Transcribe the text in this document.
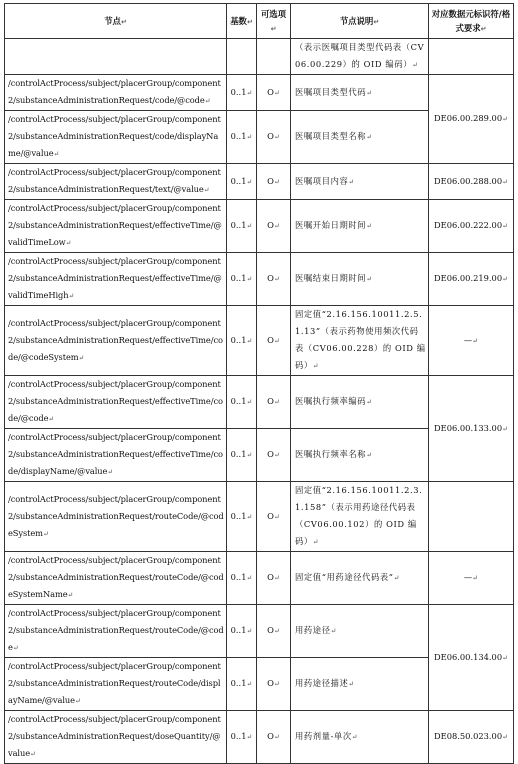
节点↵	基数↵	可选项↵	节点说明↵	对应数据元标识符/格式要求↵
			（表示医嘱项目类型代码表（CV06.00.229）的 OID 编码）↵	
/controlActProcess/subject/placerGroup/component2/substanceAdministrationRequest/code/@code↵	0..1↵	O↵	医嘱项目类型代码↵	DE06.00.289.00↵
/controlActProcess/subject/placerGroup/component2/substanceAdministrationRequest/code/displayName/@value↵	0..1↵	O↵	医嘱项目类型名称↵	
/controlActProcess/subject/placerGroup/component2/substanceAdministrationRequest/text/@value↵	0..1↵	O↵	医嘱项目内容↵	DE06.00.288.00↵
/controlActProcess/subject/placerGroup/component2/substanceAdministrationRequest/effectiveTime/@validTimeLow↵	0..1↵	O↵	医嘱开始日期时间↵	DE06.00.222.00↵
/controlActProcess/subject/placerGroup/component2/substanceAdministrationRequest/effectiveTime/@validTimeHigh↵	0..1↵	O↵	医嘱结束日期时间↵	DE06.00.219.00↵
/controlActProcess/subject/placerGroup/component2/substanceAdministrationRequest/effectiveTime/code/@codeSystem↵	0..1↵	O↵	固定值“2.16.156.10011.2.5.1.13”（表示药物使用频次代码表（CV06.00.228）的 OID 编码）↵	—↵
/controlActProcess/subject/placerGroup/component2/substanceAdministrationRequest/effectiveTime/code/@code↵	0..1↵	O↵	医嘱执行频率编码↵	DE06.00.133.00↵
/controlActProcess/subject/placerGroup/component2/substanceAdministrationRequest/effectiveTime/code/displayName/@value↵	0..1↵	O↵	医嘱执行频率名称↵	
/controlActProcess/subject/placerGroup/component2/substanceAdministrationRequest/routeCode/@codeSystem↵	0..1↵	O↵	固定值“2.16.156.10011.2.3.1.158”（表示用药途径代码表（CV06.00.102）的 OID 编码）↵	
/controlActProcess/subject/placerGroup/component2/substanceAdministrationRequest/routeCode/@codeSystemName↵	0..1↵	O↵	固定值“用药途径代码表”↵	—↵
/controlActProcess/subject/placerGroup/component2/substanceAdministrationRequest/routeCode/@code↵	0..1↵	O↵	用药途径↵	DE06.00.134.00↵
/controlActProcess/subject/placerGroup/component2/substanceAdministrationRequest/routeCode/displayName/@value↵	0..1↵	O↵	用药途径描述↵	
/controlActProcess/subject/placerGroup/component2/substanceAdministrationRequest/doseQuantity/@value↵	0..1↵	O↵	用药剂量-单次↵	DE08.50.023.00↵
